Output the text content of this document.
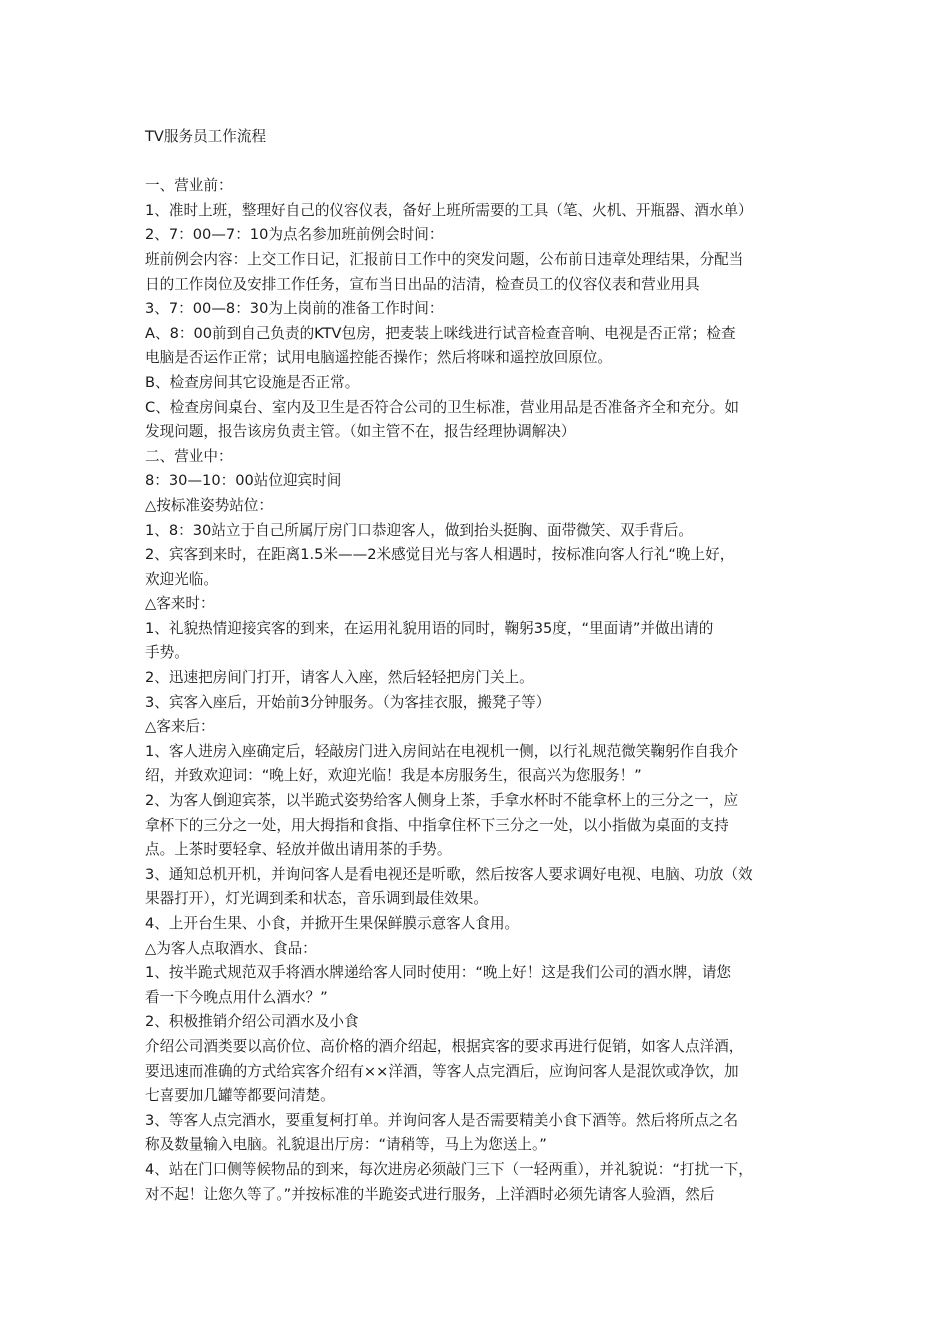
TV服务员工作流程
一、营业前：
1、准时上班，整理好自己的仪容仪表，备好上班所需要的工具（笔、火机、开瓶器、酒水单）
2、7：00—7：10为点名参加班前例会时间：
班前例会内容：上交工作日记，汇报前日工作中的突发问题，公布前日违章处理结果，分配当
日的工作岗位及安排工作任务，宣布当日出品的洁清，检查员工的仪容仪表和营业用具
3、7：00—8：30为上岗前的准备工作时间：
A、8：00前到自己负责的KTV包房，把麦装上咪线进行试音检查音响、电视是否正常；检查
电脑是否运作正常；试用电脑遥控能否操作；然后将咪和遥控放回原位。
B、检查房间其它设施是否正常。
C、检查房间桌台、室内及卫生是否符合公司的卫生标准，营业用品是否准备齐全和充分。如
发现问题，报告该房负责主管。（如主管不在，报告经理协调解决）
二、营业中：
8：30—10：00站位迎宾时间
△按标准姿势站位：
1、8：30站立于自己所属厅房门口恭迎客人，做到抬头挺胸、面带微笑、双手背后。
2、宾客到来时，在距离1.5米——2米感觉目光与客人相遇时，按标准向客人行礼“晚上好，
欢迎光临。
△客来时：
1、礼貌热情迎接宾客的到来，在运用礼貌用语的同时，鞠躬35度，“里面请”并做出请的
手势。
2、迅速把房间门打开，请客人入座，然后轻轻把房门关上。
3、宾客入座后，开始前3分钟服务。（为客挂衣服，搬凳子等）
△客来后：
1、客人进房入座确定后，轻敲房门进入房间站在电视机一侧，以行礼规范微笑鞠躬作自我介
绍，并致欢迎词：“晚上好，欢迎光临！我是本房服务生，很高兴为您服务！”
2、为客人倒迎宾茶，以半跪式姿势给客人侧身上茶，手拿水杯时不能拿杯上的三分之一，应
拿杯下的三分之一处，用大拇指和食指、中指拿住杯下三分之一处，以小指做为桌面的支持
点。上茶时要轻拿、轻放并做出请用茶的手势。
3、通知总机开机，并询问客人是看电视还是听歌，然后按客人要求调好电视、电脑、功放（效
果器打开），灯光调到柔和状态，音乐调到最佳效果。
4、上开台生果、小食，并掀开生果保鲜膜示意客人食用。
△为客人点取酒水、食品：
1、按半跪式规范双手将酒水牌递给客人同时使用：“晚上好！这是我们公司的酒水牌，请您
看一下今晚点用什么酒水？”
2、积极推销介绍公司酒水及小食
介绍公司酒类要以高价位、高价格的酒介绍起，根据宾客的要求再进行促销，如客人点洋酒，
要迅速而准确的方式给宾客介绍有××洋酒，等客人点完酒后，应询问客人是混饮或净饮，加
七喜要加几罐等都要问清楚。
3、等客人点完酒水，要重复柯打单。并询问客人是否需要精美小食下酒等。然后将所点之名
称及数量输入电脑。礼貌退出厅房：“请稍等，马上为您送上。”
4、站在门口侧等候物品的到来，每次进房必须敲门三下（一轻两重），并礼貌说：“打扰一下，
对不起！让您久等了。”并按标准的半跪姿式进行服务，上洋酒时必须先请客人验酒，然后
